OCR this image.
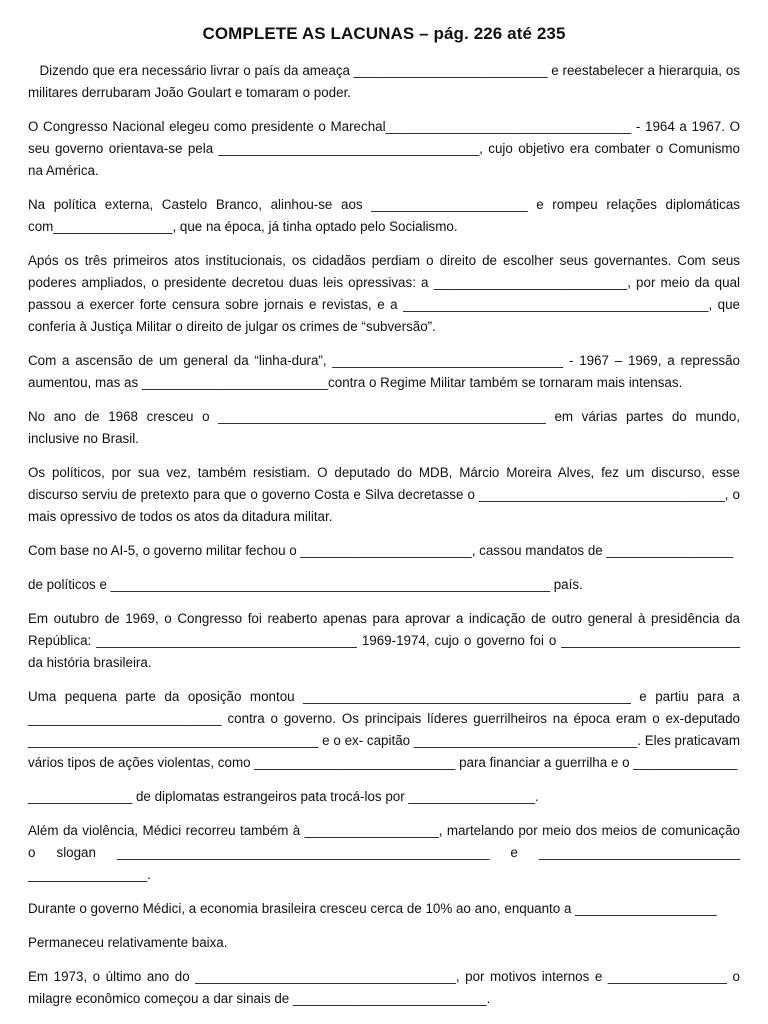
COMPLETE AS LACUNAS – pág. 226 até 235

Dizendo que era necessário livrar o país da ameaça __________________________ e reestabelecer a hierarquia, os militares derrubaram João Goulart e tomaram o poder.

O Congresso Nacional elegeu como presidente o Marechal_________________________________ - 1964 a 1967. O seu governo orientava-se pela ___________________________________, cujo objetivo era combater o Comunismo na América.

Na política externa, Castelo Branco, alinhou-se aos _____________________ e rompeu relações diplomáticas com________________, que na época, já tinha optado pelo Socialismo.

Após os três primeiros atos institucionais, os cidadãos perdiam o direito de escolher seus governantes. Com seus poderes ampliados, o presidente decretou duas leis opressivas: a __________________________, por meio da qual passou a exercer forte censura sobre jornais e revistas, e a _________________________________________, que conferia à Justiça Militar o direito de julgar os crimes de “subversão”.

Com a ascensão de um general da “linha-dura”, _______________________________ - 1967 – 1969, a repressão aumentou, mas as _________________________contra o Regime Militar também se tornaram mais intensas.

No ano de 1968 cresceu o ____________________________________________ em várias partes do mundo, inclusive no Brasil.

Os políticos, por sua vez, também resistiam. O deputado do MDB, Márcio Moreira Alves, fez um discurso, esse discurso serviu de pretexto para que o governo Costa e Silva decretasse o _________________________________, o mais opressivo de todos os atos da ditadura militar.

Com base no AI-5, o governo militar fechou o _______________________, cassou mandatos de _________________

de políticos e ___________________________________________________________ país.

Em outubro de 1969, o Congresso foi reaberto apenas para aprovar a indicação de outro general à presidência da República: ___________________________________ 1969-1974, cujo o governo foi o ________________________ da história brasileira.

Uma pequena parte da oposição montou ____________________________________________ e partiu para a __________________________ contra o governo. Os principais líderes guerrilheiros na época eram o ex-deputado _______________________________________ e o ex- capitão ______________________________. Eles praticavam vários tipos de ações violentas, como ___________________________ para financiar a guerrilha e o ______________

______________ de diplomatas estrangeiros pata trocá-los por _________________.

Além da violência, Médici recorreu também à __________________, martelando por meio dos meios de comunicação o slogan __________________________________________________ e ___________________________ ________________.

Durante o governo Médici, a economia brasileira cresceu cerca de 10% ao ano, enquanto a ___________________

Permaneceu relativamente baixa.

Em 1973, o último ano do ___________________________________, por motivos internos e ________________ o milagre econômico começou a dar sinais de __________________________.
